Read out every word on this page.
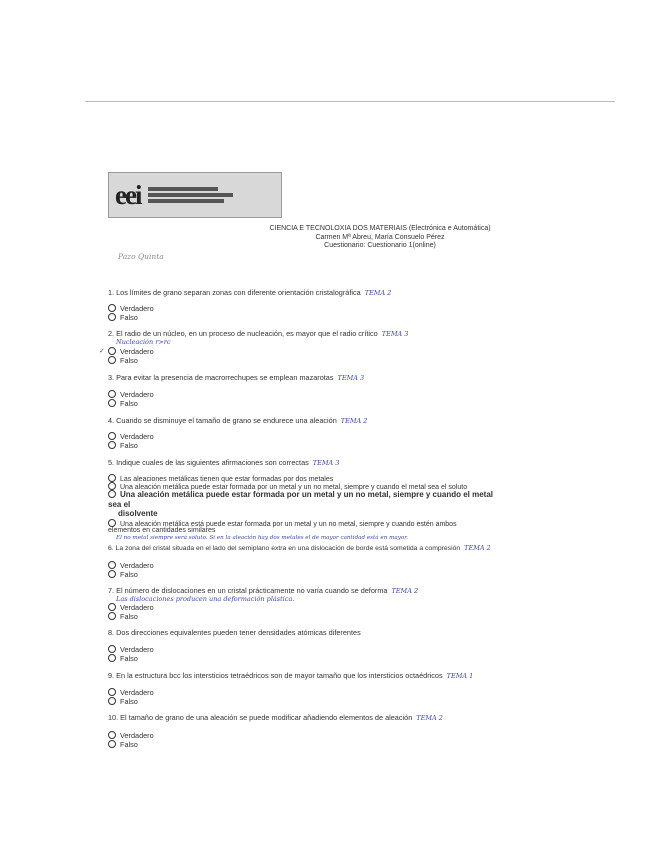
eei
CIENCIA E TECNOLOXIA DOS MATERIAIS (Electrónica e Automática)
Carmen Mª Abreu, María Consuelo Pérez
Cuestionario: Cuestionario 1(online)
Pazo Quinta
1. Los límites de grano separan zonas con diferente orientación cristalográfica TEMA 2
Verdadero
Falso
2. El radio de un núcleo, en un proceso de nucleación, es mayor que el radio crítico TEMA 3
Nucleación r>rc
✓	Verdadero
Falso
3. Para evitar la presencia de macrorrechupes se emplean mazarotas TEMA 3
Verdadero
Falso
4. Cuando se disminuye el tamaño de grano se endurece una aleación TEMA 2
Verdadero
Falso
5. Indique cuales de las siguientes afirmaciones son correctas TEMA 3
Las aleaciones metálicas tienen que estar formadas por dos metales
Una aleación metálica puede estar formada por un metal y un no metal, siempre y cuando el metal sea el soluto
Una aleación metálica puede estar formada por un metal y un no metal, siempre y cuando el metal
sea el
disolvente
Una aleación metálica está puede estar formada por un metal y un no metal, siempre y cuando estén ambos
elementos en cantidades similares
El no metal siempre será soluto. Si en la aleación hay dos metales el de mayor cantidad está en mayor.
6. La zona del cristal situada en el lado del semiplano extra en una dislocación de borde está sometida a compresión TEMA 2
Verdadero
Falso
7. El número de dislocaciones en un cristal prácticamente no varía cuando se deforma TEMA 2
Las dislocaciones producen una deformación plástica.
Verdadero
Falso
8. Dos direcciones equivalentes pueden tener densidades atómicas diferentes
Verdadero
Falso
9. En la estructura bcc los intersticios tetraédricos son de mayor tamaño que los intersticios octaédricos TEMA 1
Verdadero
Falso
10. El tamaño de grano de una aleación se puede modificar añadiendo elementos de aleación TEMA 2
Verdadero
Falso
